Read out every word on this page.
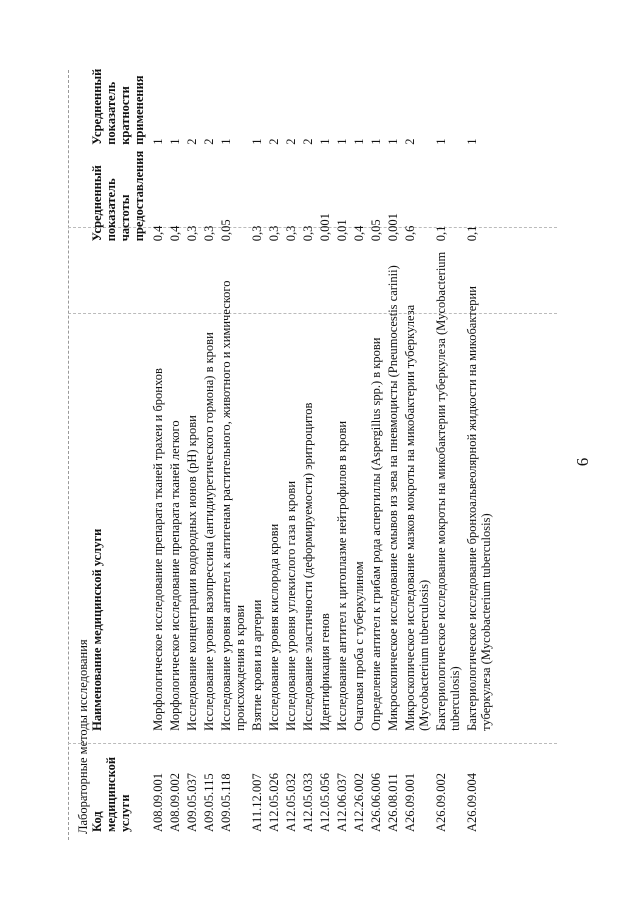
6
Лабораторные методы исследования Код медицинской услуги	Наименование медицинской услуги	Усредненный показатель частоты предоставления	Усредненный показатель кратности применения
A08.09.001	Морфологическое исследование препарата тканей трахеи и бронхов	0,4	1
A08.09.002	Морфологическое исследование препарата тканей легкого	0,4	1
A09.05.037	Исследование концентрации водородных ионов (pH) крови	0,3	2
A09.05.115	Исследование уровня вазопрессина (антидиуретического гормона) в крови	0,3	2
A09.05.118	Исследование уровня антител к антигенам растительного, животного и химического происхождения в крови	0,05	1
A11.12.007	Взятие крови из артерии	0,3	1
A12.05.026	Исследование уровня кислорода крови	0,3	2
A12.05.032	Исследование уровня углекислого газа в крови	0,3	2
A12.05.033	Исследование эластичности (деформируемости) эритроцитов	0,3	2
A12.05.056	Идентификация генов	0,001	1
A12.06.037	Исследование антител к цитоплазме нейтрофилов в крови	0,01	1
A12.26.002	Очаговая проба с туберкулином	0,4	1
A26.06.006	Определение антител к грибам рода аспергиллы (Aspergillus spp.) в крови	0,05	1
A26.08.011	Микроскопическое исследование смывов из зева на пневмоцисты (Pneumocestis carinii)	0,001	1
A26.09.001	Микроскопическое исследование мазков мокроты на микобактерии туберкулеза (Mycobacterium tuberculosis)	0,6	2
A26.09.002	Бактериологическое исследование мокроты на микобактерии туберкулеза (Mycobacterium tuberculosis)	0,1	1
A26.09.004	Бактериологическое исследование бронхоальвеолярной жидкости на микобактерии туберкулеза (Mycobacterium tuberculosis)	0,1	1
